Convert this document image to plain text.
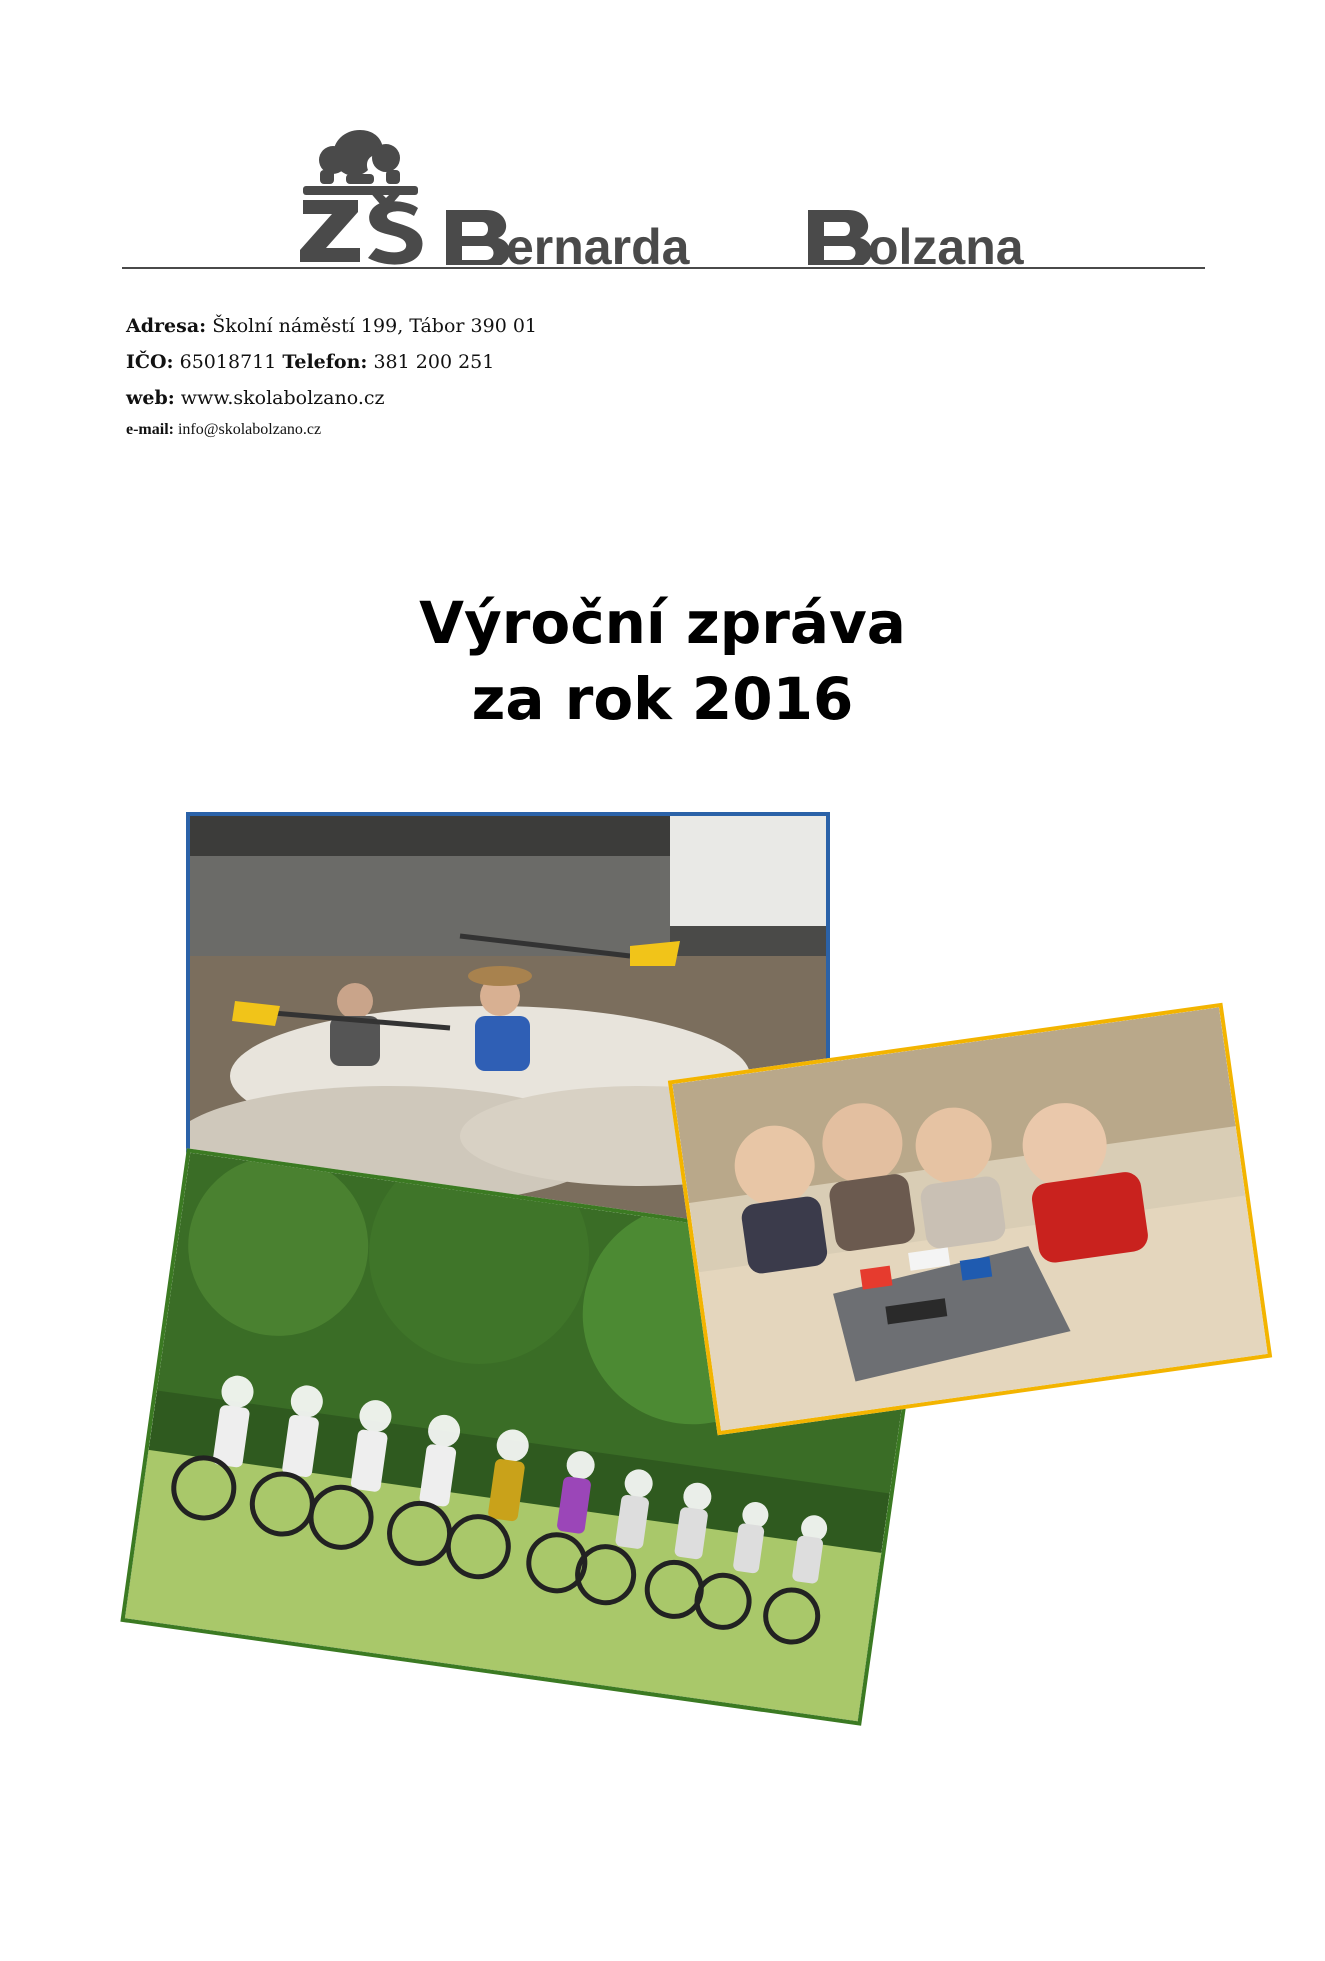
ernarda	olzana
Adresa: Školní náměstí 199, Tábor 390 01
IČO: 65018711 Telefon: 381 200 251
web: www.skolabolzano.cz
e-mail: info@skolabolzano.cz
Výroční zpráva
za rok 2016
